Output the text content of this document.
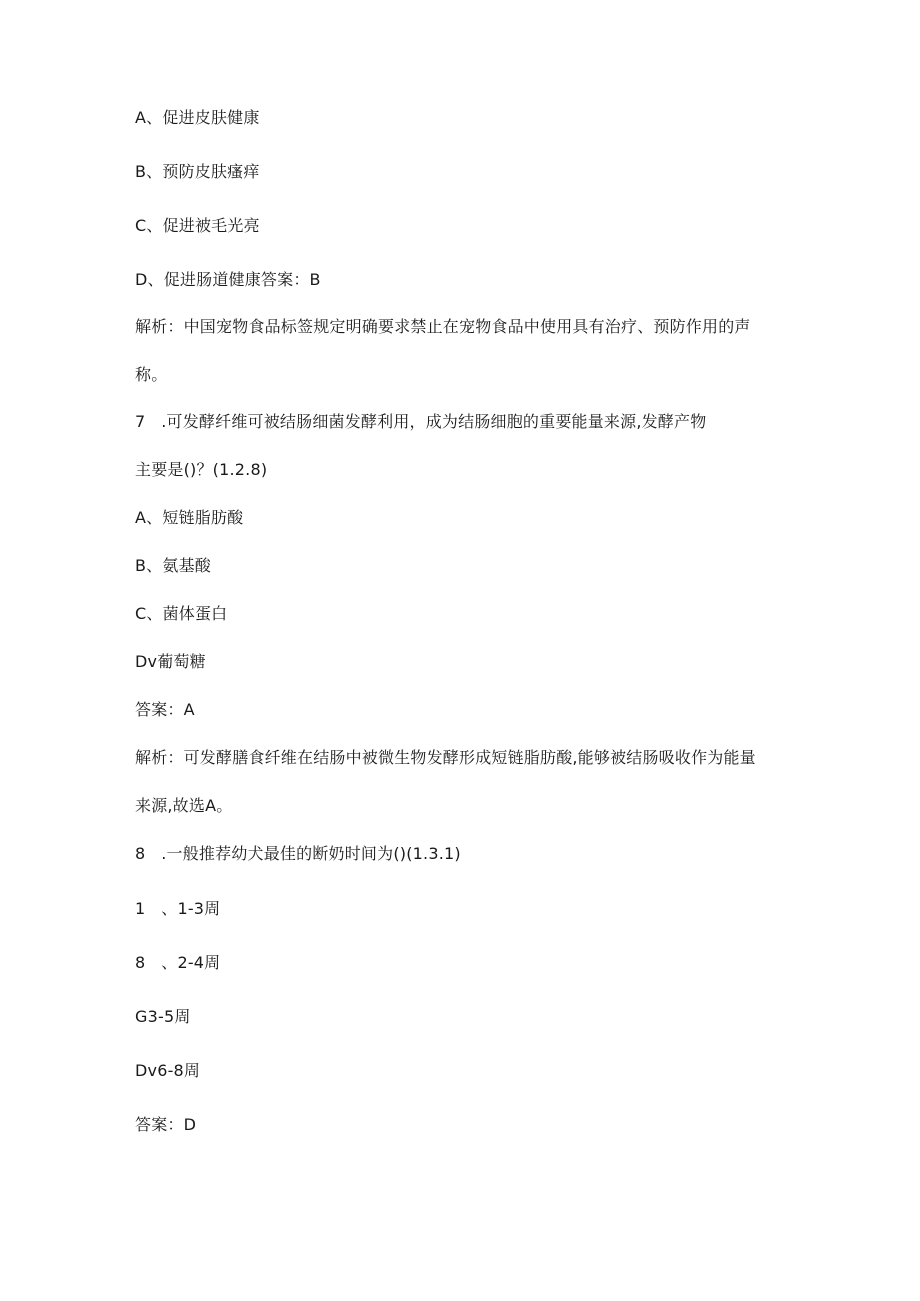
A、促进皮肤健康
B、预防皮肤瘙痒
C、促进被毛光亮
D、促进肠道健康答案：B
解析：中国宠物食品标签规定明确要求禁止在宠物食品中使用具有治疗、预防作用的声
称。
7   .可发酵纤维可被结肠细菌发酵利用，成为结肠细胞的重要能量来源,发酵产物
主要是()？(1.2.8)
A、短链脂肪酸
B、氨基酸
C、菌体蛋白
Dv葡萄糖
答案：A
解析：可发酵膳食纤维在结肠中被微生物发酵形成短链脂肪酸,能够被结肠吸收作为能量
来源,故选A。
8   .一般推荐幼犬最佳的断奶时间为()(1.3.1)
1   、1-3周
8   、2-4周
G3-5周
Dv6-8周
答案：D
